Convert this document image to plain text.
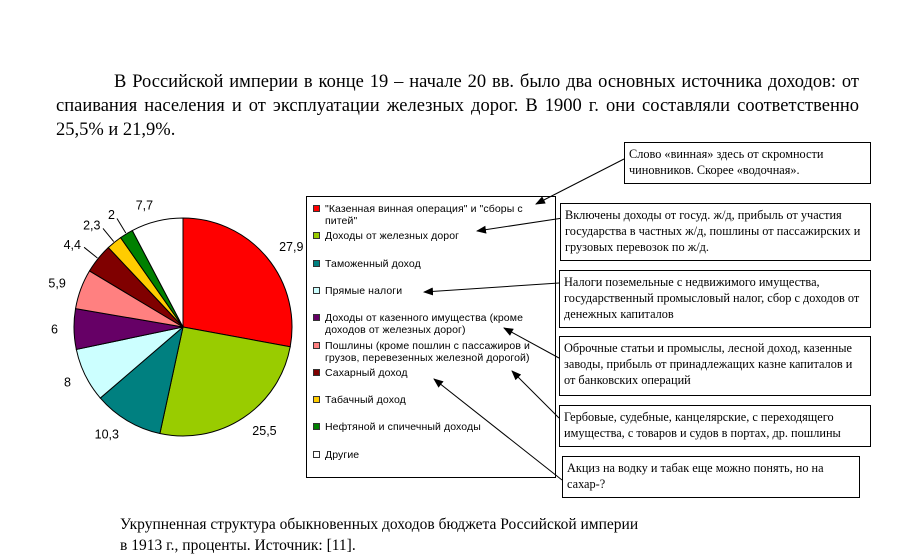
В Российской империи в конце 19 – начале 20 вв. было два основных источника доходов: от спаивания населения и от эксплуатации железных дорог. В 1900 г. они составляли соответственно 25,5% и 21,9%.

27,9
25,5
10,3
8
6
5,9
4,4
2,3
2
7,7	"Казенная винная операция" и "сборы с питей"
Доходы от железных дорог
Таможенный доход
Прямые налоги
Доходы от казенного имущества (кроме доходов от железных дорог)
Пошлины (кроме пошлин с пассажиров и грузов, перевезенных железной дорогой)
Сахарный доход
Табачный доход
Нефтяной и спичечный доходы
Другие
Слово «винная» здесь от скромности чиновников. Скорее «водочная».
Включены доходы от госуд. ж/д, прибыль от участия государства в частных ж/д, пошлины от пассажирских и грузовых перевозок по ж/д.
Налоги поземельные с недвижимого имущества, государственный промысловый налог, сбор с доходов от денежных капиталов
Оброчные статьи и промыслы, лесной доход, казенные заводы, прибыль от принадлежащих казне капиталов и от банковских операций
Гербовые, судебные, канцелярские, с переходящего имущества, с товаров и судов в портах, др. пошлины
Акциз на водку и табак еще можно понять, но на сахар-?

Укрупненная структура обыкновенных доходов бюджета Российской империи в 1913 г., проценты. Источник: [11].
